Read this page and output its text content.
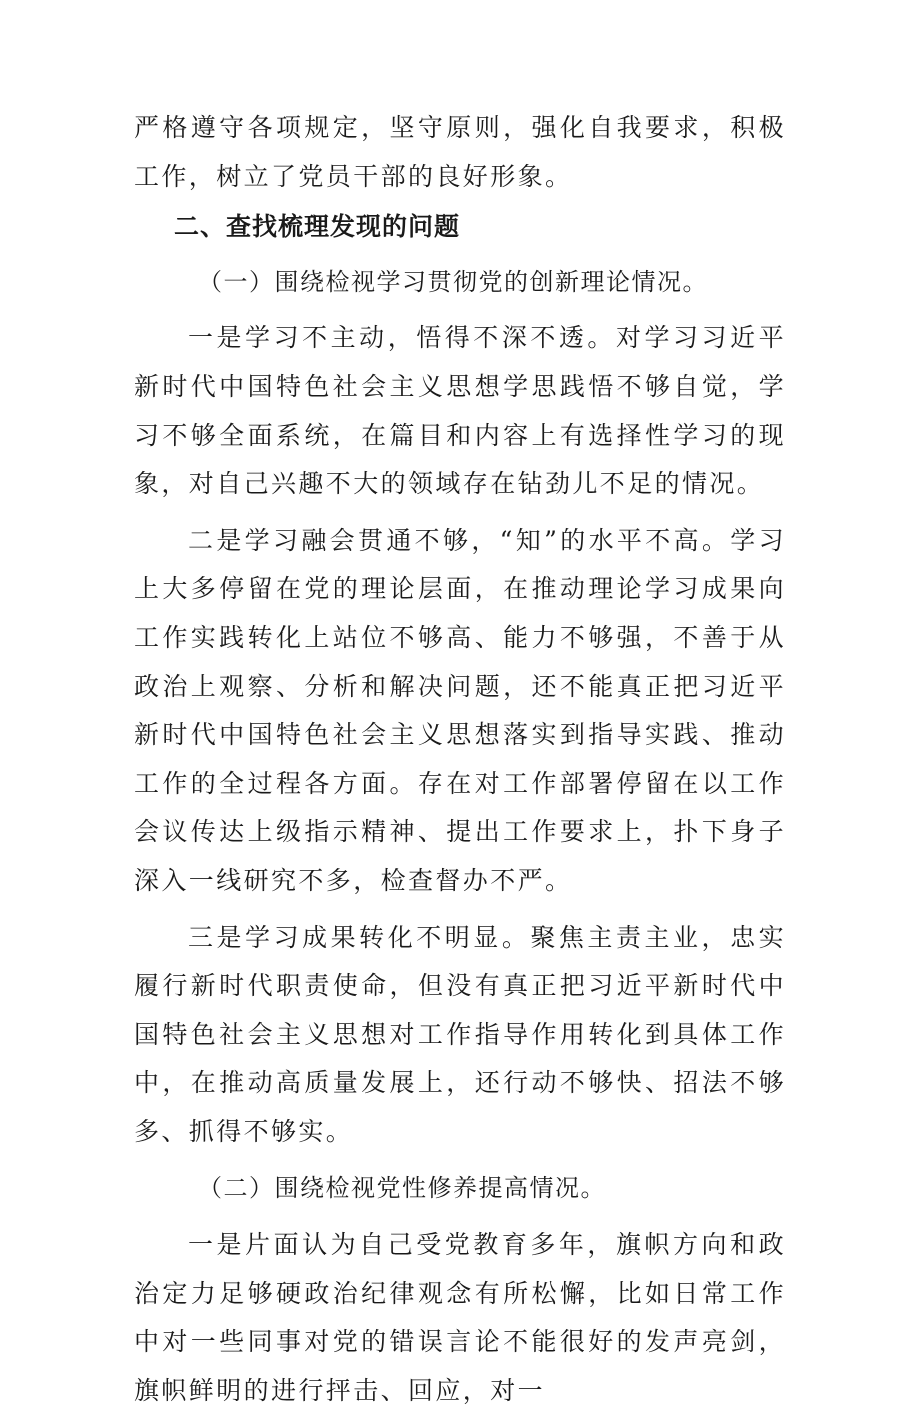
严格遵守各项规定，坚守原则，强化自我要求，积极工作，树立了党员干部的良好形象。

二、查找梳理发现的问题

（一）围绕检视学习贯彻党的创新理论情况。

一是学习不主动，悟得不深不透。对学习习近平新时代中国特色社会主义思想学思践悟不够自觉，学习不够全面系统，在篇目和内容上有选择性学习的现象，对自己兴趣不大的领域存在钻劲儿不足的情况。

二是学习融会贯通不够，“知”的水平不高。学习上大多停留在党的理论层面，在推动理论学习成果向工作实践转化上站位不够高、能力不够强，不善于从政治上观察、分析和解决问题，还不能真正把习近平新时代中国特色社会主义思想落实到指导实践、推动工作的全过程各方面。存在对工作部署停留在以工作会议传达上级指示精神、提出工作要求上，扑下身子深入一线研究不多，检查督办不严。

三是学习成果转化不明显。聚焦主责主业，忠实履行新时代职责使命，但没有真正把习近平新时代中国特色社会主义思想对工作指导作用转化到具体工作中，在推动高质量发展上，还行动不够快、招法不够多、抓得不够实。

（二）围绕检视党性修养提高情况。

一是片面认为自己受党教育多年，旗帜方向和政治定力足够硬政治纪律观念有所松懈，比如日常工作中对一些同事对党的错误言论不能很好的发声亮剑，旗帜鲜明的进行抨击、回应，对一
